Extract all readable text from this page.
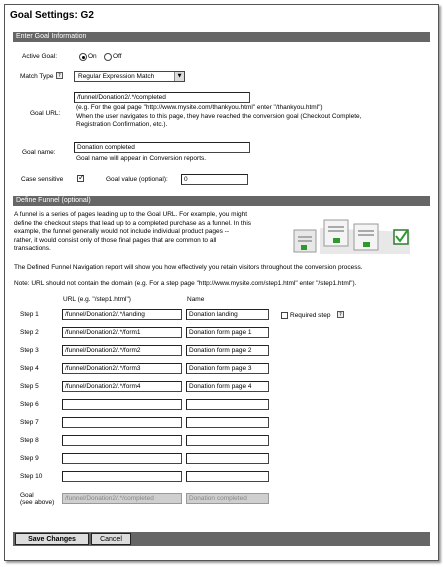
Goal Settings: G2
Enter Goal Information
Active Goal:	On	Off
Match Type ?	Regular Expression Match	▼
Goal URL:
/funnel/Donation2/.*/completed
(e.g. For the goal page "http://www.mysite.com/thankyou.html" enter "/thankyou.html")
When the user navigates to this page, they have reached the conversion goal (Checkout Complete,
Registration Confirmation, etc.).
Goal name:
Donation completed
Goal name will appear in Conversion reports.
Case sensitive
✓	Goal value (optional):	0
Define Funnel (optional)
A funnel is a series of pages leading up to the Goal URL. For example, you might
define the checkout steps that lead up to a completed purchase as a funnel. In this
example, the funnel generally would not include individual product pages --
rather, it would consist only of those final pages that are common to all
transactions.
The Defined Funnel Navigation report will show you how effectively you retain visitors throughout the conversion process.
Note: URL should not contain the domain (e.g. For a step page "http://www.mysite.com/step1.html" enter "/step1.html").
URL (e.g. "/step1.html")	Name
Step 1	/funnel/Donation2/.*/landing	Donation landing
Step 2	/funnel/Donation2/.*/form1	Donation form page 1
Step 3	/funnel/Donation2/.*/form2	Donation form page 2
Step 4	/funnel/Donation2/.*/form3	Donation form page 3
Step 5	/funnel/Donation2/.*/form4	Donation form page 4
Step 6
Step 7
Step 8
Step 9
Step 10
Required step	?
Goal
(see above)
/funnel/Donation2/.*/completed	Donation completed
Save Changes	Cancel
